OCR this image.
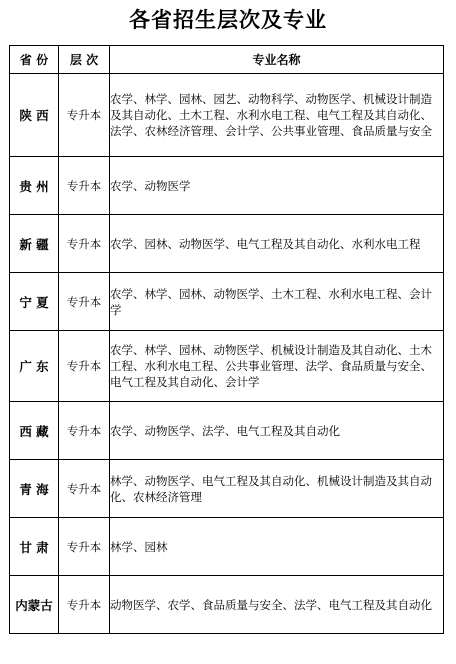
各省招生层次及专业
省 份	层 次	专业名称
陕 西	专升本	农学、林学、园林、园艺、动物科学、动物医学、机械设计制造及其自动化、土木工程、水利水电工程、电气工程及其自动化、法学、农林经济管理、会计学、公共事业管理、食品质量与安全
贵 州	专升本	农学、动物医学
新 疆	专升本	农学、园林、动物医学、电气工程及其自动化、水利水电工程
宁 夏	专升本	农学、林学、园林、动物医学、土木工程、水利水电工程、会计学
广 东	专升本	农学、林学、园林、动物医学、机械设计制造及其自动化、土木工程、水利水电工程、公共事业管理、法学、食品质量与安全、电气工程及其自动化、会计学
西 藏	专升本	农学、动物医学、法学、电气工程及其自动化
青 海	专升本	林学、动物医学、电气工程及其自动化、机械设计制造及其自动化、农林经济管理
甘 肃	专升本	林学、园林
内蒙古	专升本	动物医学、农学、食品质量与安全、法学、电气工程及其自动化
